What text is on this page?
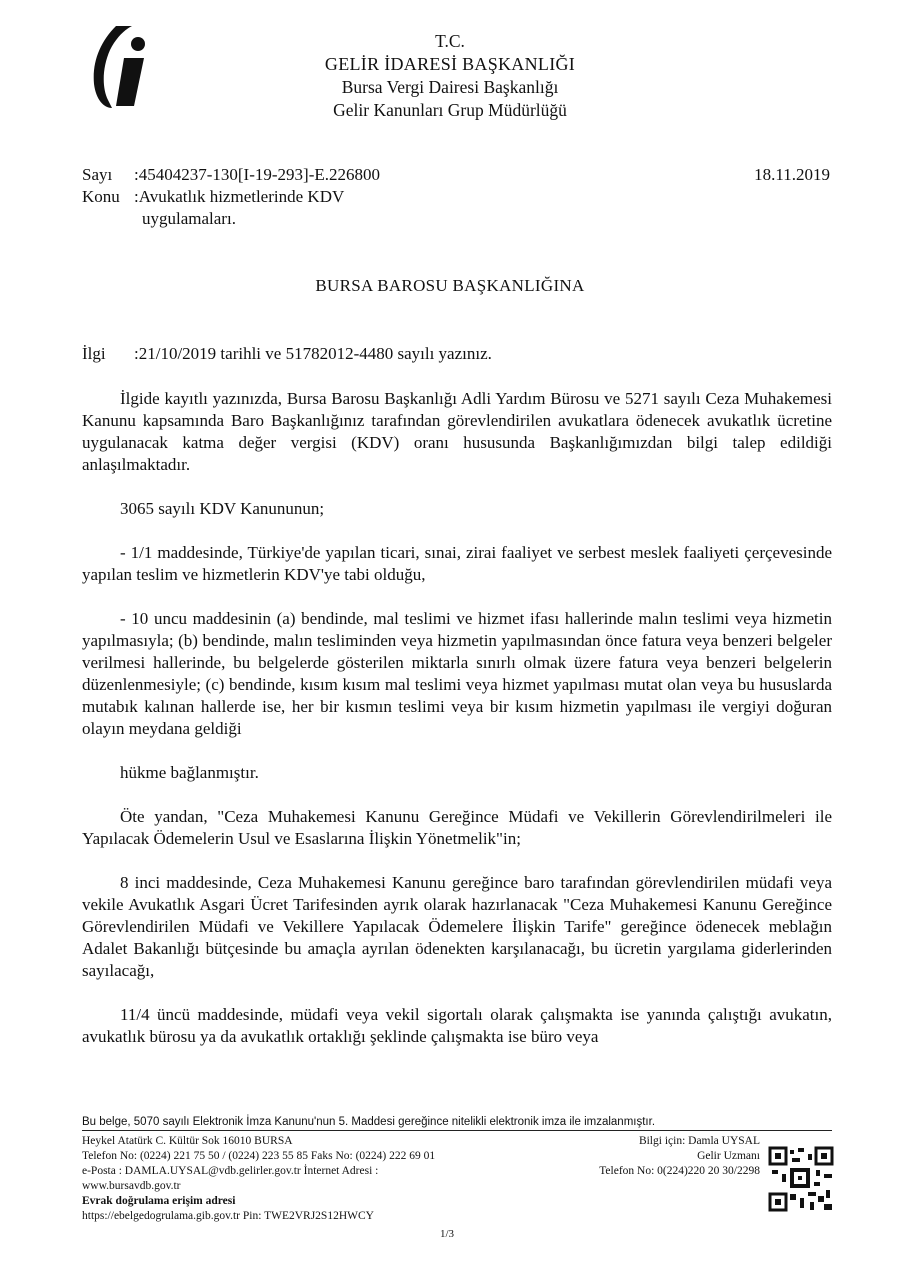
T.C.
GELİR İDARESİ BAŞKANLIĞI
Bursa Vergi Dairesi Başkanlığı
Gelir Kanunları Grup Müdürlüğü
Sayı	:45404237-130[I-19-293]-E.226800
Konu :Avukatlık hizmetlerinde KDV
uygulamaları.
18.11.2019
BURSA BAROSU BAŞKANLIĞINA
İlgi	:21/10/2019 tarihli ve 51782012-4480 sayılı yazınız.

İlgide kayıtlı yazınızda, Bursa Barosu Başkanlığı Adli Yardım Bürosu ve 5271 sayılı Ceza Muhakemesi Kanunu kapsamında Baro Başkanlığınız tarafından görevlendirilen avukatlara ödenecek avukatlık ücretine uygulanacak katma değer vergisi (KDV) oranı hususunda Başkanlığımızdan bilgi talep edildiği anlaşılmaktadır.

3065 sayılı KDV Kanununun;

- 1/1 maddesinde, Türkiye'de yapılan ticari, sınai, zirai faaliyet ve serbest meslek faaliyeti çerçevesinde yapılan teslim ve hizmetlerin KDV'ye tabi olduğu,

- 10 uncu maddesinin (a) bendinde, mal teslimi ve hizmet ifası hallerinde malın teslimi veya hizmetin yapılmasıyla; (b) bendinde, malın tesliminden veya hizmetin yapılmasından önce fatura veya benzeri belgeler verilmesi hallerinde, bu belgelerde gösterilen miktarla sınırlı olmak üzere fatura veya benzeri belgelerin düzenlenmesiyle; (c) bendinde, kısım kısım mal teslimi veya hizmet yapılması mutat olan veya bu hususlarda mutabık kalınan hallerde ise, her bir kısmın teslimi veya bir kısım hizmetin yapılması ile vergiyi doğuran olayın meydana geldiği

hükme bağlanmıştır.

Öte yandan, "Ceza Muhakemesi Kanunu Gereğince Müdafi ve Vekillerin Görevlendirilmeleri ile Yapılacak Ödemelerin Usul ve Esaslarına İlişkin Yönetmelik"in;

8 inci maddesinde, Ceza Muhakemesi Kanunu gereğince baro tarafından görevlendirilen müdafi veya vekile Avukatlık Asgari Ücret Tarifesinden ayrık olarak hazırlanacak "Ceza Muhakemesi Kanunu Gereğince Görevlendirilen Müdafi ve Vekillere Yapılacak Ödemelere İlişkin Tarife" gereğince ödenecek meblağın Adalet Bakanlığı bütçesinde bu amaçla ayrılan ödenekten karşılanacağı, bu ücretin yargılama giderlerinden sayılacağı,

11/4 üncü maddesinde, müdafi veya vekil sigortalı olarak çalışmakta ise yanında çalıştığı avukatın, avukatlık bürosu ya da avukatlık ortaklığı şeklinde çalışmakta ise büro veya

Bu belge, 5070 sayılı Elektronik İmza Kanunu'nun 5. Maddesi gereğince nitelikli elektronik imza ile imzalanmıştır.
Heykel Atatürk C. Kültür Sok 16010 BURSA
Telefon No: (0224) 221 75 50 / (0224) 223 55 85 Faks No: (0224) 222 69 01
e-Posta : DAMLA.UYSAL@vdb.gelirler.gov.tr İnternet Adresi :
www.bursavdb.gov.tr
Evrak doğrulama erişim adresi
https://ebelgedogrulama.gib.gov.tr Pin: TWE2VRJ2S12HWCY
Bilgi için: Damla UYSAL
Gelir Uzmanı
Telefon No: 0(224)220 20 30/2298
1/3
